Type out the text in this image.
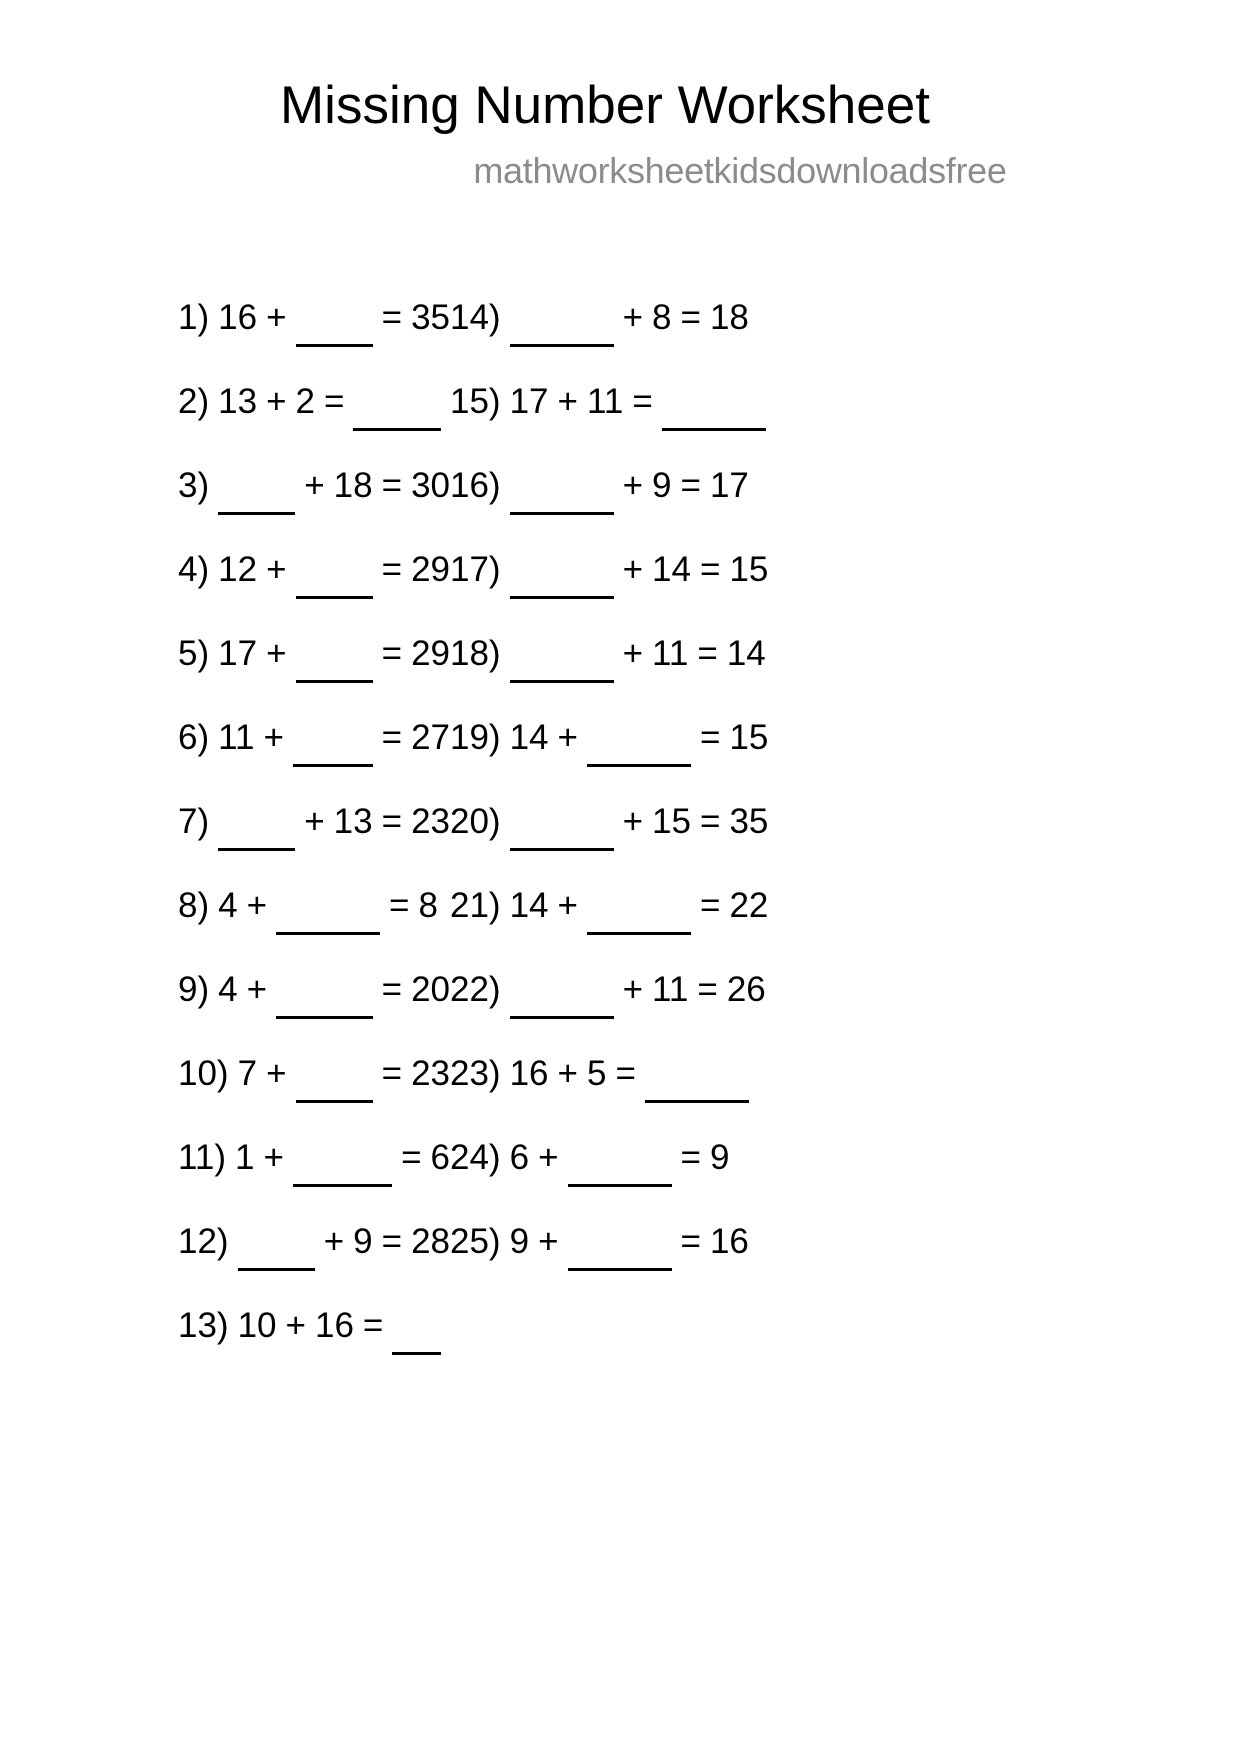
Missing Number Worksheet
mathworksheetkidsdownloadsfree
1) 16 +	= 35
2) 13 + 2 =
3)	+ 18 = 30
4) 12 +	= 29
5) 17 +	= 29
6) 11 +	= 27
7)	+ 13 = 23
8) 4 +	= 8
9) 4 +	= 20
10) 7 +	= 23
11) 1 +	= 6
12)	+ 9 = 28
13) 10 + 16 =
14)	+ 8 = 18
15) 17 + 11 =
16)	+ 9 = 17
17)	+ 14 = 15
18)	+ 11 = 14
19) 14 +	= 15
20)	+ 15 = 35
21) 14 +	= 22
22)	+ 11 = 26
23) 16 + 5 =
24) 6 +	= 9
25) 9 +	= 16
